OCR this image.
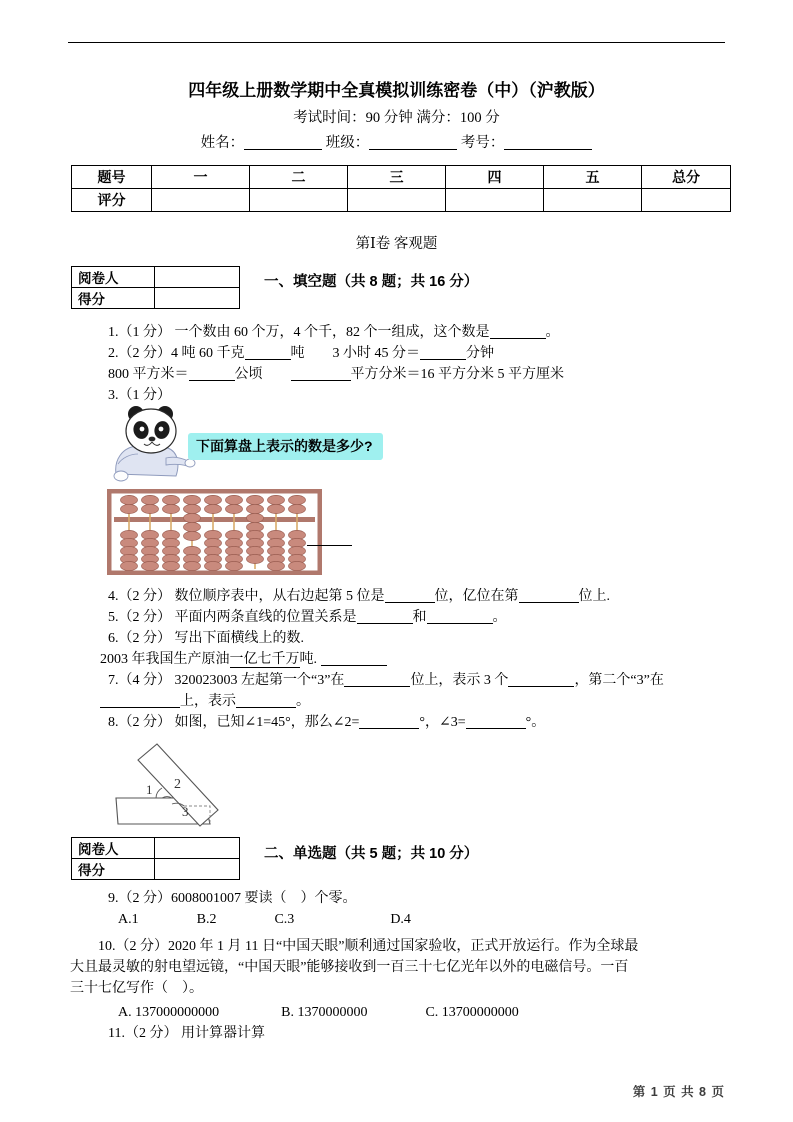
四年级上册数学期中全真模拟训练密卷（中）（沪教版）
考试时间：90 分钟 满分：100 分
姓名：	班级：	考号：
题号	一	二	三	四	五	总分
评分						
第Ⅰ卷 客观题
阅卷人	
得分	
一、填空题（共 8 题；共 16 分）
1.（1 分） 一个数由 60 个万，4 个千，82 个一组成，这个数是	。
2.（2 分）4 吨 60 千克	吨　　3 小时 45 分＝	分钟
800 平方米＝	公顷　　	平方分米＝16 平方分米 5 平方厘米
3.（1 分）
下面算盘上表示的数是多少?
4.（2 分） 数位顺序表中，从右边起第 5 位是	位，亿位在第	位上.
5.（2 分） 平面内两条直线的位置关系是	和	。
6.（2 分） 写出下面横线上的数.
2003 年我国生产原油一亿七千万吨.
7.（4 分） 320023003 左起第一个“3”在	位上，表示 3 个	，第二个“3”在
上，表示	。
8.（2 分） 如图，已知∠1=45°，那么∠2=	°，∠3=	°。
1 2
3
阅卷人	
得分	
二、单选题（共 5 题；共 10 分）
9.（2 分）6008001007 要读（　）个零。
A.1	B.2	C.3	D.4
10.（2 分）2020 年 1 月 11 日“中国天眼”顺利通过国家验收，正式开放运行。作为全球最
大且最灵敏的射电望远镜，“中国天眼”能够接收到一百三十七亿光年以外的电磁信号。一百
三十七亿写作（　）。
A. 137000000000	B. 1370000000	C. 13700000000
11.（2 分） 用计算器计算
第 1 页 共 8 页
